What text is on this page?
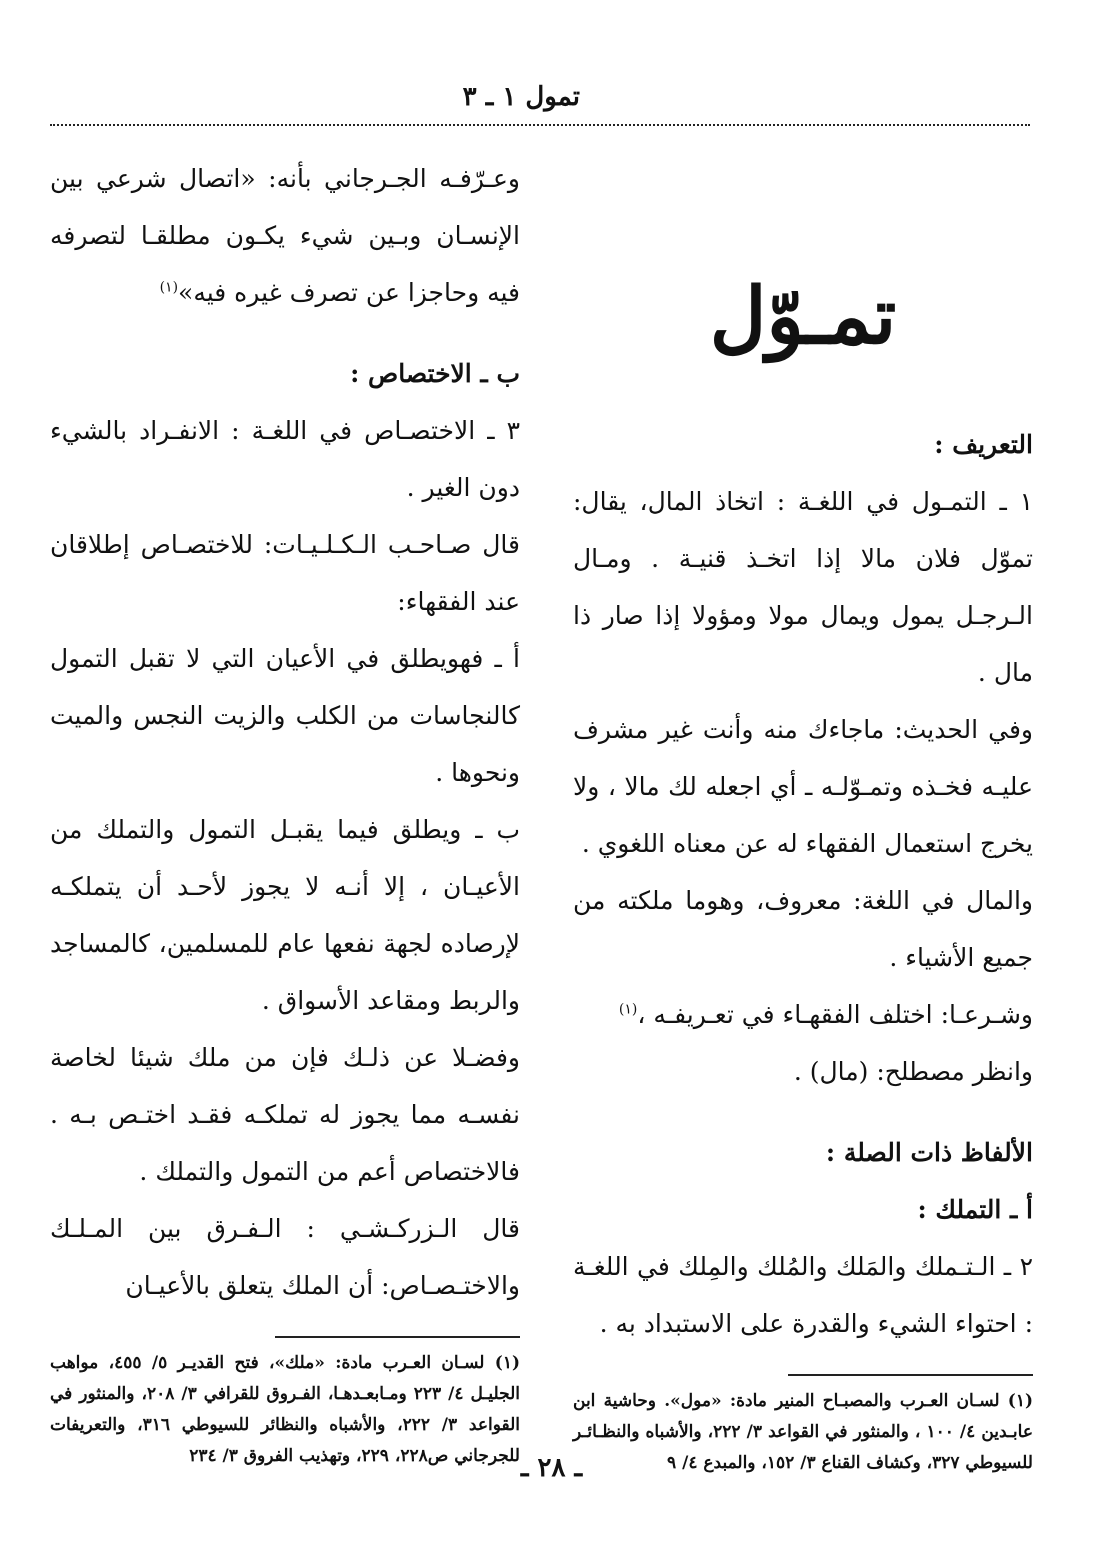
تمول ١ ـ ٣
تمـوّل

التعريف :

١ ـ التمـول في اللغـة : اتخاذ المال، يقال: تموّل فلان مالا إذا اتخـذ قنيـة . ومـال الـرجـل يمول ويمال مولا ومؤولا إذا صار ذا مال .

وفي الحديث: ماجاءك منه وأنت غير مشرف عليـه فخـذه وتمـوّلـه ـ أي اجعله لك مالا ، ولا يخرج استعمال الفقهاء له عن معناه اللغوي .

والمال في اللغة: معروف، وهوما ملكته من جميع الأشياء .

وشـرعـا: اختلف الفقهـاء في تعـريفـه ،$^{(١)}$

وانظر مصطلح: (مال) .

الألفاظ ذات الصلة :

أ ـ التملك :

٢ ـ الـتـملك والمَلك والمُلك والمِلك في اللغـة : احتواء الشيء والقدرة على الاستبداد به .

(١) لسـان العـرب والمصبـاح المنير مادة: «مول». وحاشية ابن عابـدين ٤/ ١٠٠ ، والمنثور في القواعد ٣/ ٢٢٢، والأشباه والنظـائـر للسيوطي ٣٢٧، وكشاف القناع ٣/ ١٥٢، والمبدع ٤/ ٩

وعـرّفـه الجـرجاني بأنه: «اتصال شرعي بين الإنسـان وبـين شيء يكـون مطلقـا لتصرفه فيه وحاجزا عن تصرف غيره فيه»$^{(١)}$

ب ـ الاختصاص :

٣ ـ الاختصـاص في اللغـة : الانفـراد بالشيء دون الغير .

قال صـاحـب الـكـلـيـات: للاختصـاص إطلاقان عند الفقهاء:

أ ـ فهويطلق في الأعيان التي لا تقبل التمول كالنجاسات من الكلب والزيت النجس والميت ونحوها .

ب ـ ويطلق فيما يقبـل التمول والتملك من الأعيـان ، إلا أنـه لا يجوز لأحـد أن يتملكـه لإرصاده لجهة نفعها عام للمسلمين، كالمساجد والربط ومقاعد الأسواق .

وفضـلا عن ذلـك فإن من ملك شيئا لخاصة نفسـه مما يجوز له تملكـه فقـد اختـص بـه . فالاختصاص أعم من التمول والتملك .

قال الـزركـشـي : الـفـرق بين المـلـك والاختـصـاص: أن الملك يتعلق بالأعيـان

(١) لسـان العـرب مادة: «ملك»، فتح القديـر ٥/ ٤٥٥، مواهب الجليـل ٤/ ٢٢٣ ومـابعـدهـا، الفـروق للقرافي ٣/ ٢٠٨، والمنثور في القواعد ٣/ ٢٢٢، والأشباه والنظائر للسيوطي ٣١٦، والتعريفات للجرجاني ص٢٢٨، ٢٢٩، وتهذيب الفروق ٣/ ٢٣٤ ـ ٢٨ ـ
